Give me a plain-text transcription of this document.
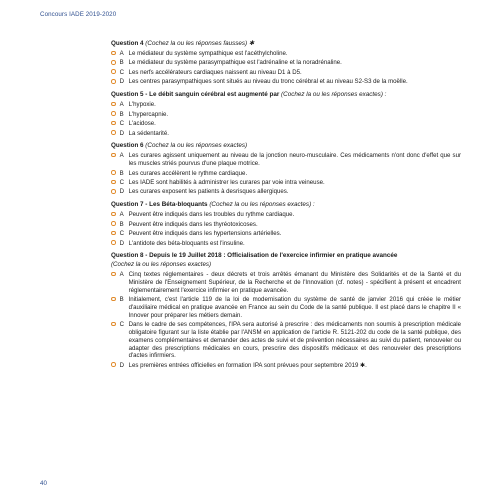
Concours IADE 2019-2020
Question 4 (Cochez la ou les réponses fausses) ✱
A Le médiateur du système sympathique est l'acéthylcholine.
B Le médiateur du système parasympathique est l'adrénaline et la noradrénaline.
C Les nerfs accélérateurs cardiaques naissent au niveau D1 à D5.
D Les centres parasympathiques sont situés au niveau du tronc cérébral et au niveau S2-S3 de la moëlle.
Question 5 - Le débit sanguin cérébral est augmenté par (Cochez la ou les réponses exactes) :
A L'hypoxie.
B L'hypercapnie.
C L'acidose.
D La sédentarité.
Question 6 (Cochez la ou les réponses exactes)
A Les curares agissent uniquement au niveau de la jonction neuro-musculaire. Ces médicaments n'ont donc d'effet que sur les muscles striés pourvus d'une plaque motrice.
B Les curares accélèrent le rythme cardiaque.
C Les IADE sont habilités à administrer les curares par voie intra veineuse.
D Les curares exposent les patients à desrisques allergiques.
Question 7 - Les Béta-bloquants (Cochez la ou les réponses exactes) :
A Peuvent être indiqués dans les troubles du rythme cardiaque.
B Peuvent être indiqués dans les thyréotoxicoses.
C Peuvent être indiqués dans les hypertensions artérielles.
D L'antidote des béta-bloquants est l'insuline.
Question 8 - Depuis le 19 Juillet 2018 : Officialisation de l'exercice infirmier en pratique avancée
(Cochez la ou les réponses exactes)
A Cinq textes réglementaires - deux décrets et trois arrêtés émanant du Ministère des Solidarités et de la Santé et du Ministère de l'Enseignement Supérieur, de la Recherche et de l'Innovation (cf. notes) - spécifient à présent et encadrent réglementairement l'exercice infirmier en pratique avancée.
B Initialement, c'est l'article 119 de la loi de modernisation du système de santé de janvier 2016 qui créée le métier d'auxiliaire médical en pratique avancée en France au sein du Code de la santé publique. Il est placé dans le chapitre II « Innover pour préparer les métiers demain.
C Dans le cadre de ses compétences, l'IPA sera autorisé à prescrire : des médicaments non soumis à prescription médicale obligatoire figurant sur la liste établie par l'ANSM en application de l'article R. 5121-202 du code de la santé publique, des examens complémentaires et demander des actes de suivi et de prévention nécessaires au suivi du patient, renouveler ou adapter des prescriptions médicales en cours, prescrire des dispositifs médicaux et des renouveler des prescriptions d'actes infirmiers.
D Les premières entrées officielles en formation IPA sont prévues pour septembre 2019 ✱.
40
